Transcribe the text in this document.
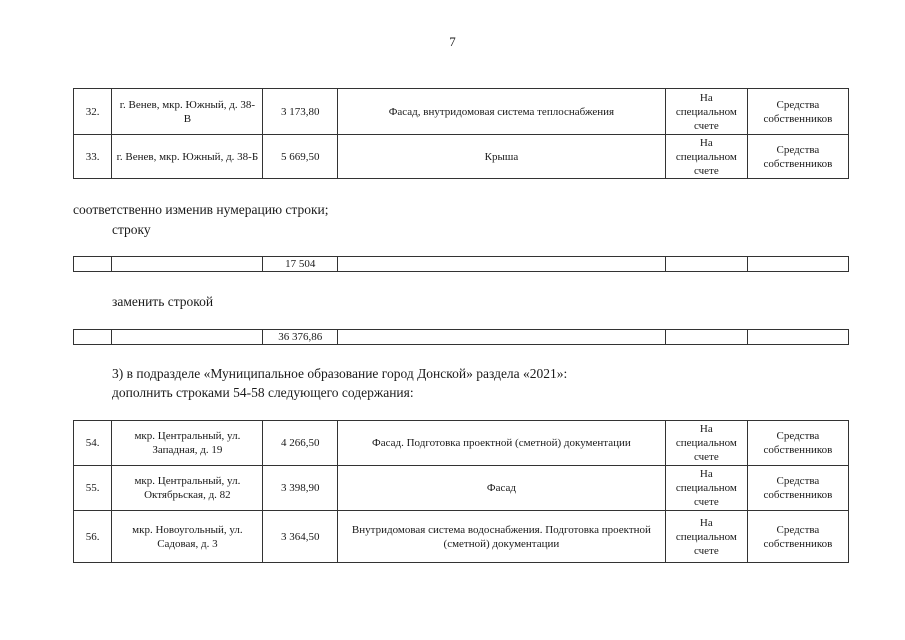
7
32.	г. Венев, мкр. Южный, д. 38-В	3 173,80	Фасад, внутридомовая система теплоснабжения	На специальном счете	Средства собственников
33.	г. Венев, мкр. Южный, д. 38-Б	5 669,50	Крыша	На специальном счете	Средства собственников
соответственно изменив нумерацию строки;
строку
		17 504			
заменить строкой
		36 376,86			
3) в подразделе «Муниципальное образование город Донской» раздела «2021»:
дополнить строками 54-58 следующего содержания:
54.	мкр. Центральный, ул. Западная, д. 19	4 266,50	Фасад. Подготовка проектной (сметной) документации	На специальном счете	Средства собственников
55.	мкр. Центральный, ул. Октябрьская, д. 82	3 398,90	Фасад	На специальном счете	Средства собственников
56.	мкр. Новоугольный, ул. Садовая, д. 3	3 364,50	Внутридомовая система водоснабжения. Подготовка проектной (сметной) документации	На специальном счете	Средства собственников
